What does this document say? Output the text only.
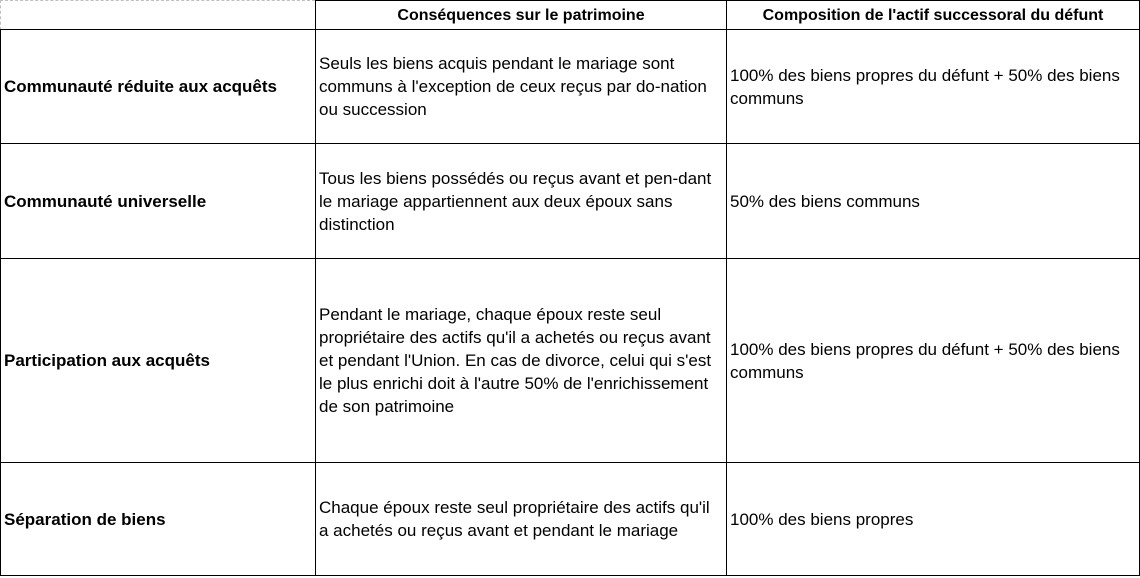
	Conséquences sur le patrimoine	Composition de l'actif successoral du défunt
Communauté réduite aux acquêts	Seuls les biens acquis pendant le mariage sont communs à l'exception de ceux reçus par do-nation ou succession	100% des biens propres du défunt + 50% des biens communs
Communauté universelle	Tous les biens possédés ou reçus avant et pen-dant le mariage appartiennent aux deux époux sans distinction	50% des biens communs
Participation aux acquêts	Pendant le mariage, chaque époux reste seul propriétaire des actifs qu'il a achetés ou reçus avant et pendant l'Union. En cas de divorce, celui qui s'est le plus enrichi doit à l'autre 50% de l'enrichissement de son patrimoine	100% des biens propres du défunt + 50% des biens communs
Séparation de biens	Chaque époux reste seul propriétaire des actifs qu'il a achetés ou reçus avant et pendant le mariage	100% des biens propres
